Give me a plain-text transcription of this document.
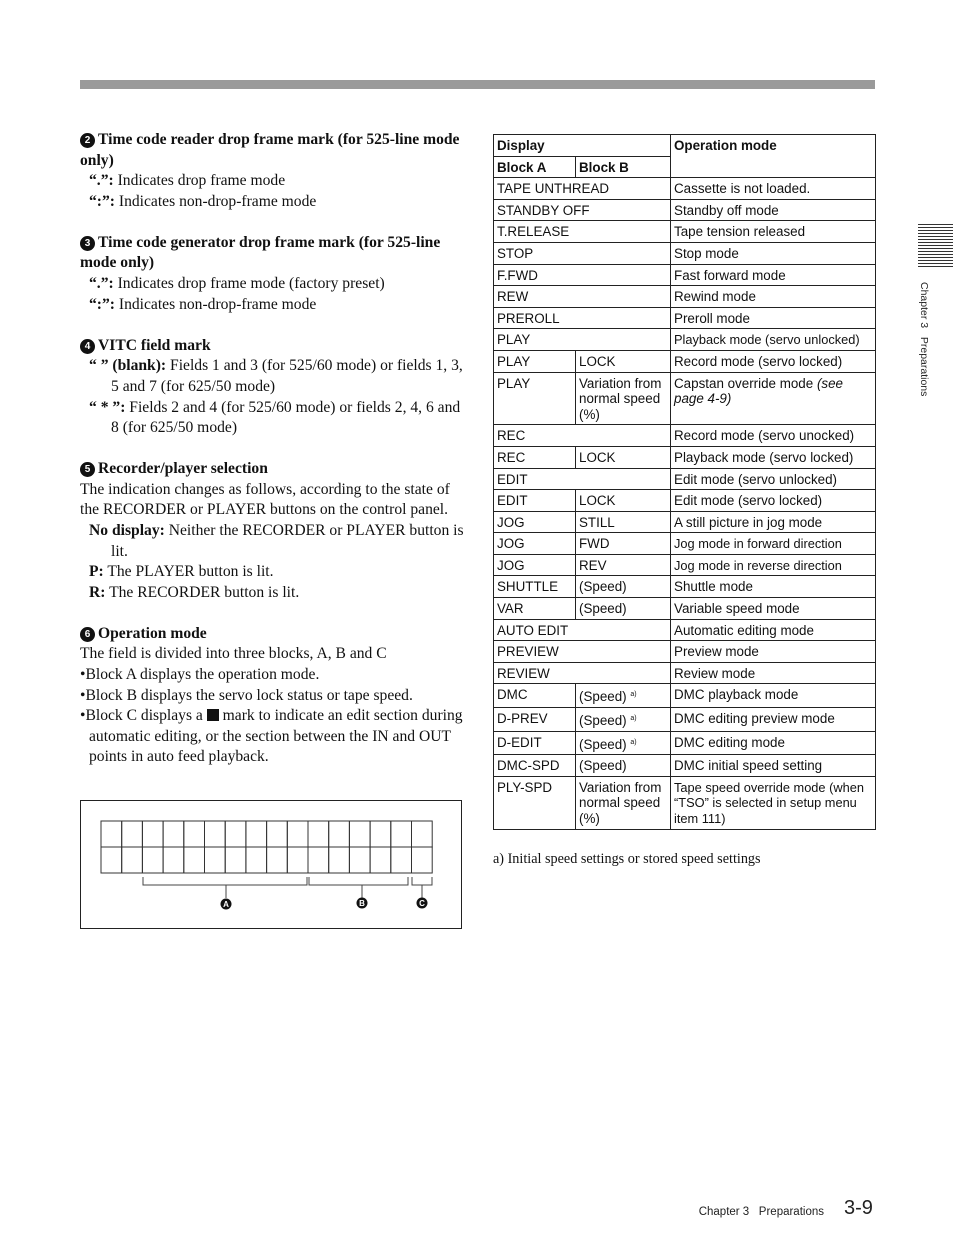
2 Time code reader drop frame mark (for 525-line mode only)
“.”: Indicates drop frame mode
“:”: Indicates non-drop-frame mode
3 Time code generator drop frame mark (for 525-line mode only)
“.”: Indicates drop frame mode (factory preset)
“:”: Indicates non-drop-frame mode
4 VITC field mark
“ ” (blank): Fields 1 and 3 (for 525/60 mode) or fields 1, 3, 5 and 7 (for 625/50 mode)
“ * ”: Fields 2 and 4 (for 525/60 mode) or fields 2, 4, 6 and 8 (for 625/50 mode)
5 Recorder/player selection

The indication changes as follows, according to the state of the RECORDER or PLAYER buttons on the control panel.

No display: Neither the RECORDER or PLAYER button is lit.
P: The PLAYER button is lit.
R: The RECORDER button is lit.
6 Operation mode

The field is divided into three blocks, A, B and C

•Block A displays the operation mode.
•Block B displays the servo lock status or tape speed.
•Block C displays a  mark to indicate an edit section during automatic editing, or the section between the IN and OUT points in auto feed playback.
A	B	C
Display		Operation mode
Block A	Block B	
TAPE UNTHREAD		Cassette is not loaded.
STANDBY OFF		Standby off mode
T.RELEASE		Tape tension released
STOP		Stop mode
F.FWD		Fast forward mode
REW		Rewind mode
PREROLL		Preroll mode
PLAY		Playback mode (servo unlocked)
PLAY	LOCK	Record mode (servo locked)
PLAY	Variation from normal speed (%)	Capstan override mode (see page 4-9)
REC		Record mode (servo unocked)
REC	LOCK	Playback mode (servo locked)
EDIT		Edit mode (servo unlocked)
EDIT	LOCK	Edit mode (servo locked)
JOG	STILL	A still picture in jog mode
JOG	FWD	Jog mode in forward direction
JOG	REV	Jog mode in reverse direction
SHUTTLE	(Speed)	Shuttle mode
VAR	(Speed)	Variable speed mode
AUTO EDIT		Automatic editing mode
PREVIEW		Preview mode
REVIEW		Review mode
DMC	(Speed) $^{a)}$	DMC playback mode
D-PREV	(Speed) $^{a)}$	DMC editing preview mode
D-EDIT	(Speed) $^{a)}$	DMC editing mode
DMC-SPD	(Speed)	DMC initial speed setting
PLY-SPD	Variation from normal speed (%)	Tape speed override mode (when “TSO” is selected in setup menu item 111)
a) Initial speed settings or stored speed settings
Chapter 3   Preparations
Chapter 3   Preparations 3-9
